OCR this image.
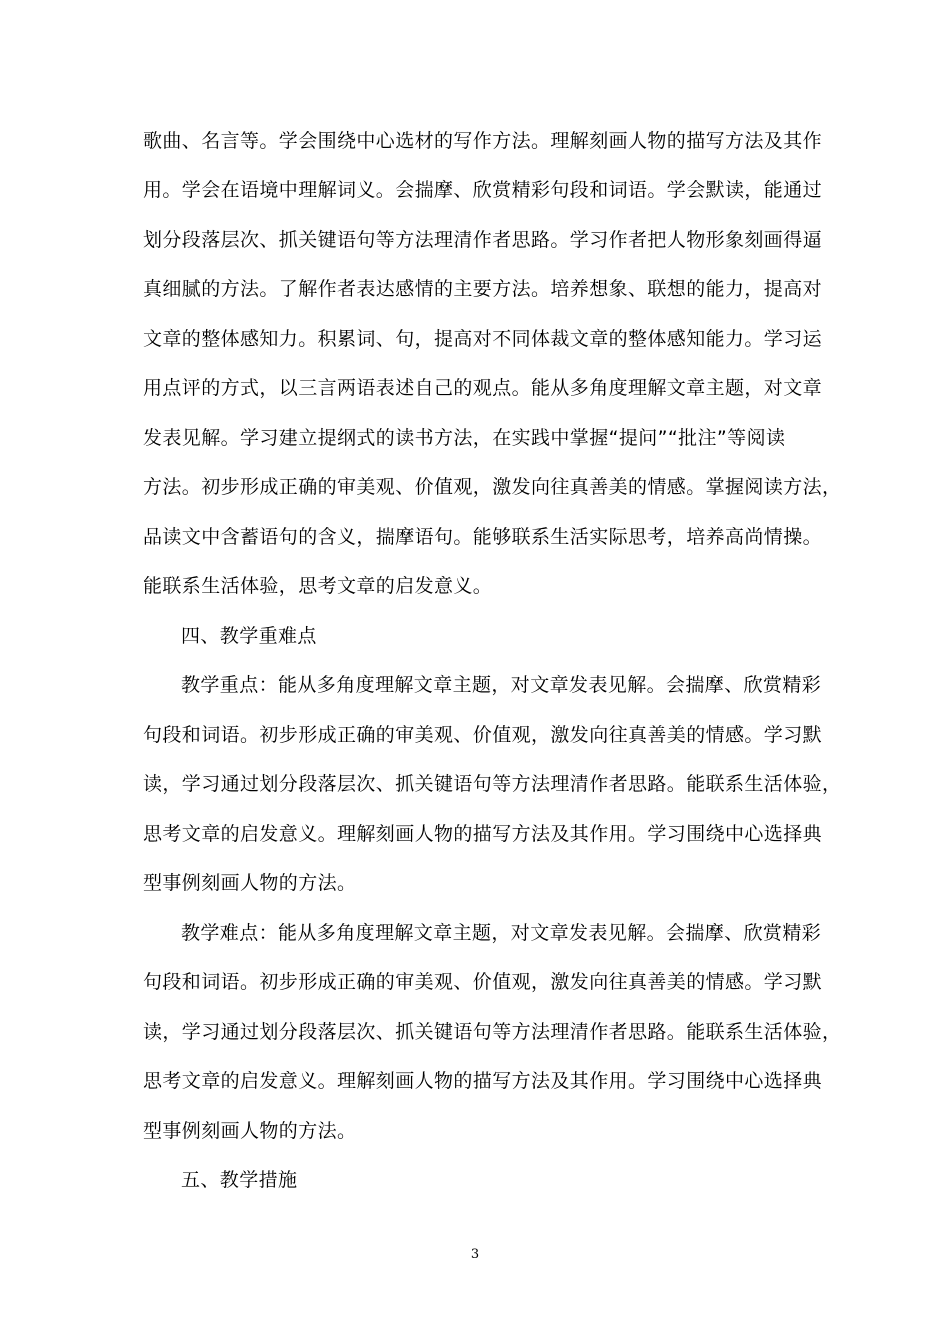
歌曲、名言等。学会围绕中心选材的写作方法。理解刻画人物的描写方法及其作
用。学会在语境中理解词义。会揣摩、欣赏精彩句段和词语。学会默读，能通过
划分段落层次、抓关键语句等方法理清作者思路。学习作者把人物形象刻画得逼
真细腻的方法。了解作者表达感情的主要方法。培养想象、联想的能力，提高对
文章的整体感知力。积累词、句，提高对不同体裁文章的整体感知能力。学习运
用点评的方式，以三言两语表述自己的观点。能从多角度理解文章主题，对文章
发表见解。学习建立提纲式的读书方法，在实践中掌握“提问”“批注”等阅读
方法。初步形成正确的审美观、价值观，激发向往真善美的情感。掌握阅读方法，
品读文中含蓄语句的含义，揣摩语句。能够联系生活实际思考，培养高尚情操。
能联系生活体验，思考文章的启发意义。
四、教学重难点
教学重点：能从多角度理解文章主题，对文章发表见解。会揣摩、欣赏精彩
句段和词语。初步形成正确的审美观、价值观，激发向往真善美的情感。学习默
读，学习通过划分段落层次、抓关键语句等方法理清作者思路。能联系生活体验，
思考文章的启发意义。理解刻画人物的描写方法及其作用。学习围绕中心选择典
型事例刻画人物的方法。
教学难点：能从多角度理解文章主题，对文章发表见解。会揣摩、欣赏精彩
句段和词语。初步形成正确的审美观、价值观，激发向往真善美的情感。学习默
读，学习通过划分段落层次、抓关键语句等方法理清作者思路。能联系生活体验，
思考文章的启发意义。理解刻画人物的描写方法及其作用。学习围绕中心选择典
型事例刻画人物的方法。
五、教学措施
3
